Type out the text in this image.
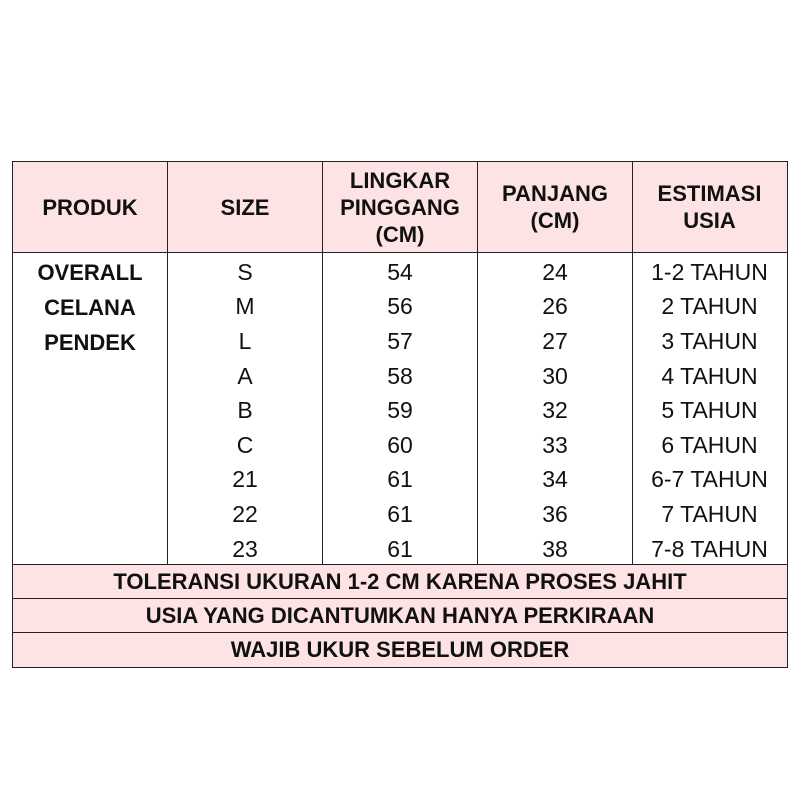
PRODUK	SIZE
LINGKAR
PINGGANG
(CM)
PANJANG
(CM)
ESTIMASI
USIA
OVERALL
CELANA
PENDEK
S
M
L
A
B
C
21
22
23
54
56
57
58
59
60
61
61
61
24
26
27
30
32
33
34
36
38
1-2 TAHUN
2 TAHUN
3 TAHUN
4 TAHUN
5 TAHUN
6 TAHUN
6-7 TAHUN
7 TAHUN
7-8 TAHUN
TOLERANSI UKURAN 1-2 CM KARENA PROSES JAHIT
USIA YANG DICANTUMKAN HANYA PERKIRAAN
WAJIB UKUR SEBELUM ORDER
